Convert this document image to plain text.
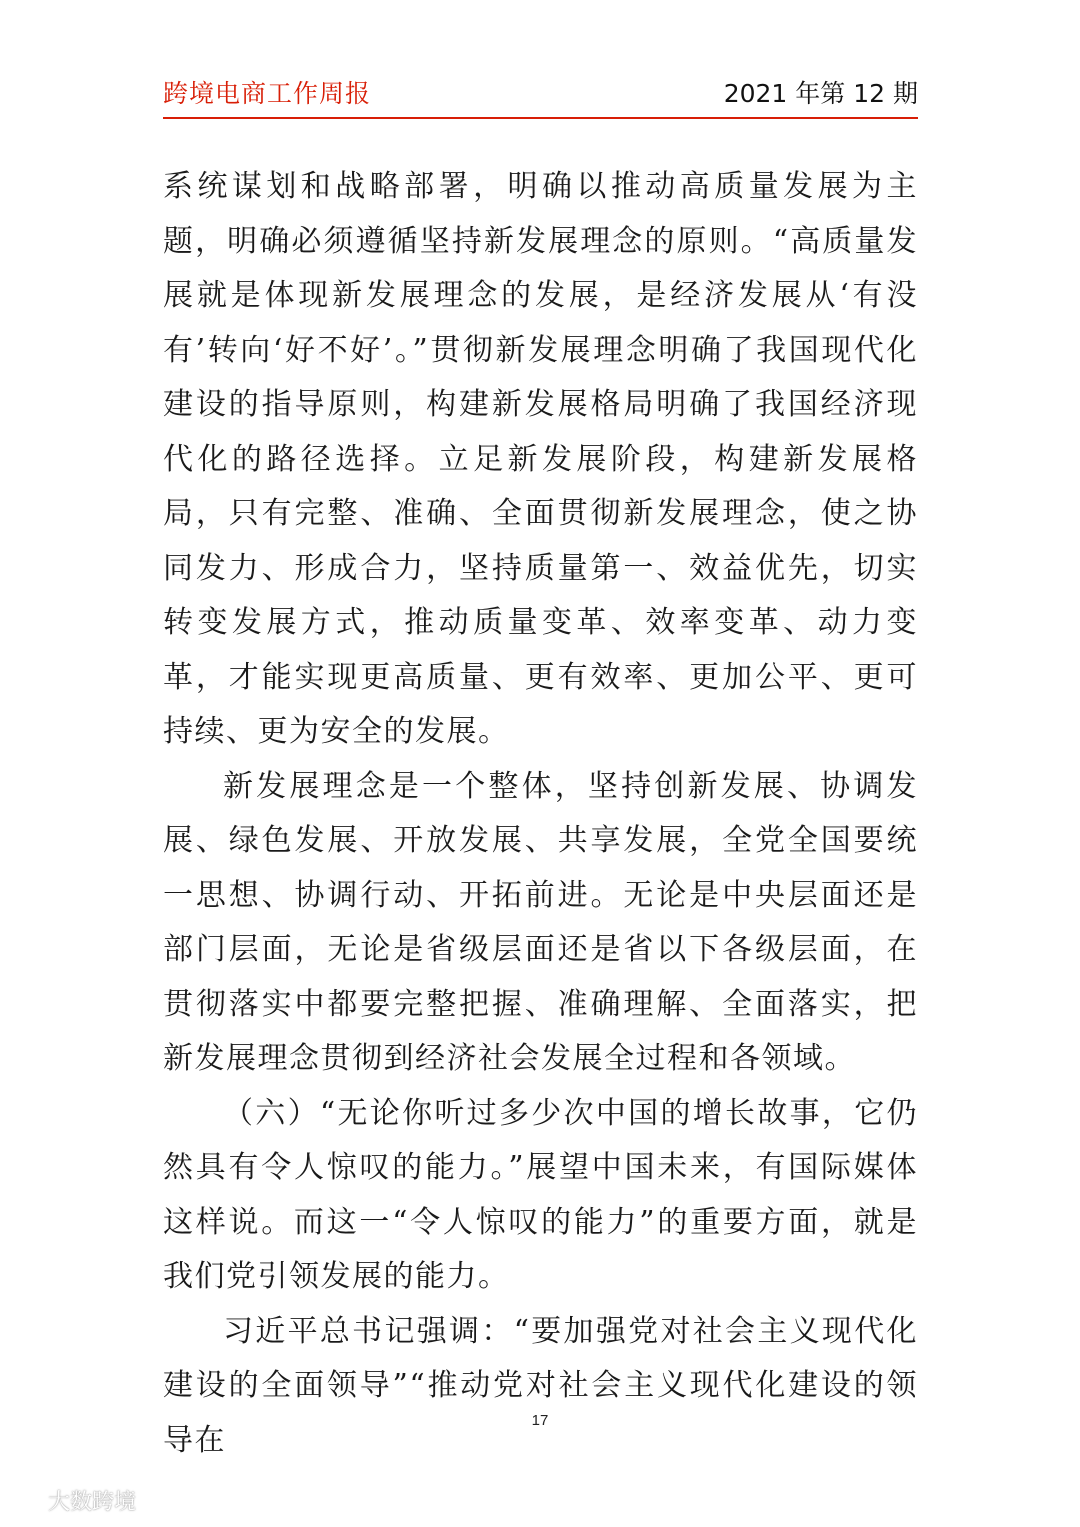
跨境电商工作周报	2021 年第 12 期

系统谋划和战略部署，明确以推动高质量发展为主题，明确必须遵循坚持新发展理念的原则。“高质量发展就是体现新发展理念的发展，是经济发展从‘有没有’转向‘好不好’。”贯彻新发展理念明确了我国现代化建设的指导原则，构建新发展格局明确了我国经济现代化的路径选择。立足新发展阶段，构建新发展格局，只有完整、准确、全面贯彻新发展理念，使之协同发力、形成合力，坚持质量第一、效益优先，切实转变发展方式，推动质量变革、效率变革、动力变革，才能实现更高质量、更有效率、更加公平、更可持续、更为安全的发展。

新发展理念是一个整体，坚持创新发展、协调发展、绿色发展、开放发展、共享发展，全党全国要统一思想、协调行动、开拓前进。无论是中央层面还是部门层面，无论是省级层面还是省以下各级层面，在贯彻落实中都要完整把握、准确理解、全面落实，把新发展理念贯彻到经济社会发展全过程和各领域。

（六）“无论你听过多少次中国的增长故事，它仍然具有令人惊叹的能力。”展望中国未来，有国际媒体这样说。而这一“令人惊叹的能力”的重要方面，就是我们党引领发展的能力。

习近平总书记强调：“要加强党对社会主义现代化建设的全面领导”“推动党对社会主义现代化建设的领导在

17
大数跨境
